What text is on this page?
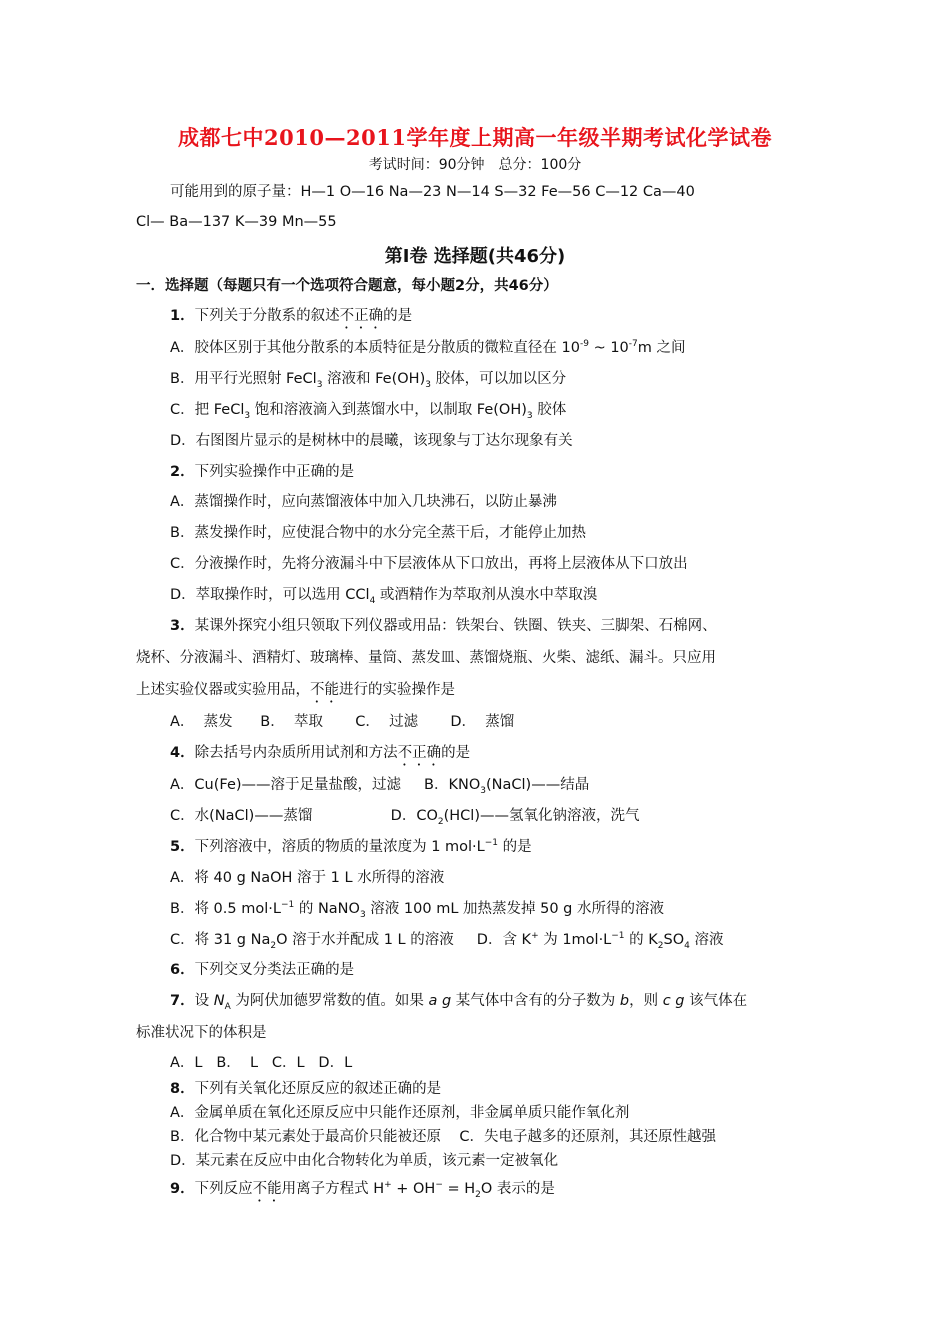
成都七中2010—2011学年度上期高一年级半期考试化学试卷
考试时间：90分钟　总分：100分
可能用到的原子量：H—1 O—16 Na—23 N—14 S—32 Fe—56 C—12 Ca—40
Cl— Ba—137 K—39 Mn—55
第Ⅰ卷 选择题(共46分)
一．选择题（每题只有一个选项符合题意，每小题2分，共46分）
1．下列关于分散系的叙述不正确的是
A．胶体区别于其他分散系的本质特征是分散质的微粒直径在 $10^{-9}$ ~ $10^{-7}m$ 之间
B．用平行光照射 FeCl$_3$ 溶液和 $Fe(OH)_3$ 胶体，可以加以区分
C．把 FeCl$_3$ 饱和溶液滴入到蒸馏水中，以制取 $Fe(OH)_3$ 胶体
D．右图图片显示的是树林中的晨曦，该现象与丁达尔现象有关
2．下列实验操作中正确的是
A．蒸馏操作时，应向蒸馏液体中加入几块沸石，以防止暴沸
B．蒸发操作时，应使混合物中的水分完全蒸干后，才能停止加热
C．分液操作时，先将分液漏斗中下层液体从下口放出，再将上层液体从下口放出
D．萃取操作时，可以选用 CCl$_4$ 或酒精作为萃取剂从溴水中萃取溴
3．某课外探究小组只领取下列仪器或用品：铁架台、铁圈、铁夹、三脚架、石棉网、
烧杯、分液漏斗、酒精灯、玻璃棒、量筒、蒸发皿、蒸馏烧瓶、火柴、滤纸、漏斗。只应用
上述实验仪器或实验用品，不能进行的实验操作是
A．  蒸发      B．  萃取       C．  过滤       D．  蒸馏
4．除去括号内杂质所用试剂和方法不正确的是
A．Cu(Fe)——溶于足量盐酸，过滤     B．$KNO_3(NaCl)——$结晶
C．水(NaCl)——蒸馏                 D．$CO_2(HCl)——$氢氧化钠溶液，洗气
5．下列溶液中，溶质的物质的量浓度为 1 $mol\cdot L^{-1}$ 的是
A．将 40 g NaOH 溶于 1 L 水所得的溶液
B．将 0.5 $mol\cdot L^{-1}$ 的 NaNO$_3$ 溶液 100 mL 加热蒸发掉 50 g 水所得的溶液
C．将 31 g $Na_2O$ 溶于水并配成 1 L 的溶液     D．含 K+ 为 $1mol\cdot L^{-1}$ 的 $K_2SO_4$ 溶液
6．下列交叉分类法正确的是
7．设 $N_A$ 为阿伏加德罗常数的值。如果 a g 某气体中含有的分子数为 b，则 c g 该气体在
标准状况下的体积是
A．L   B．  L   C．L   D．L
8．下列有关氧化还原反应的叙述正确的是
A．金属单质在氧化还原反应中只能作还原剂，非金属单质只能作氧化剂
B．化合物中某元素处于最高价只能被还原    C．失电子越多的还原剂，其还原性越强
D．某元素在反应中由化合物转化为单质，该元素一定被氧化
9．下列反应不能用离子方程式 $H^+ + OH^- = H_2O$ 表示的是
